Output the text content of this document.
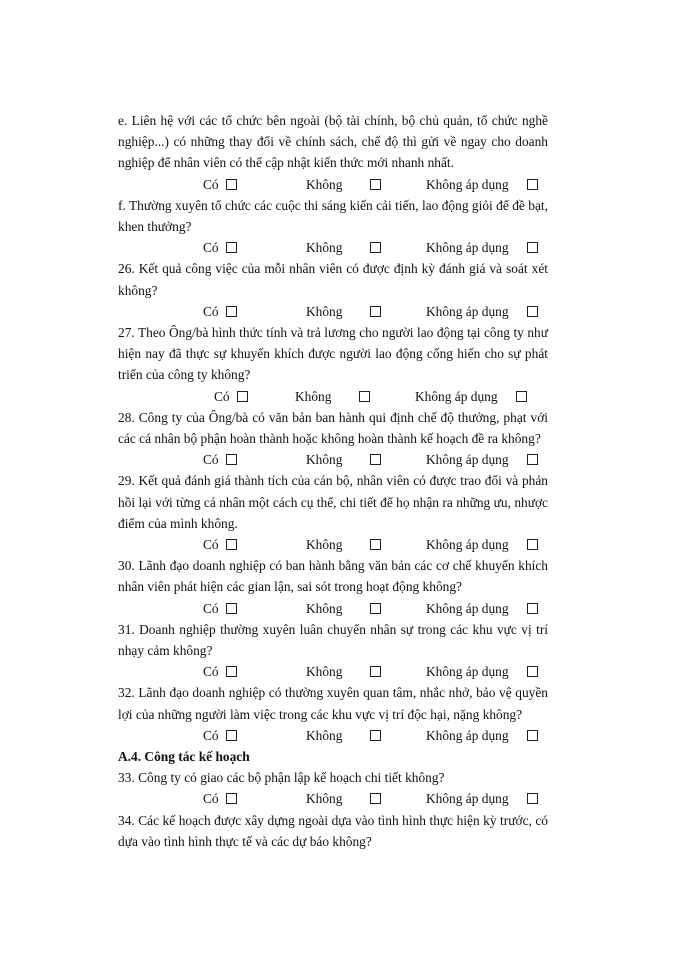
e. Liên hệ với các tổ chức bên ngoài (bộ tài chính, bộ chủ quản, tổ chức nghề nghiệp...) có những thay đổi về chính sách, chế độ thì gửi về ngay cho doanh nghiệp để nhân viên có thể cập nhật kiến thức mới nhanh nhất.

Có	Không	Không áp dụng

f. Thường xuyên tổ chức các cuộc thi sáng kiến cải tiến, lao động giỏi để đề bạt, khen thưởng?

Có	Không	Không áp dụng

26. Kết quả công việc của mỗi nhân viên có được định kỳ đánh giá và soát xét không?

Có	Không	Không áp dụng

27. Theo Ông/bà hình thức tính và trả lương cho người lao động tại công ty như hiện nay đã thực sự khuyến khích được người lao động cống hiến cho sự phát triển của công ty không?

Có	Không	Không áp dụng

28. Công ty của Ông/bà có văn bản ban hành qui định chế độ thưởng, phạt với các cá nhân bộ phận hoàn thành hoặc không hoàn thành kế hoạch đề ra không?

Có	Không	Không áp dụng

29. Kết quả đánh giá thành tích của cán bộ, nhân viên có được trao đổi và phản hồi lại với từng cá nhân một cách cụ thể, chi tiết để họ nhận ra những ưu, nhược điểm của mình không.

Có	Không	Không áp dụng

30. Lãnh đạo doanh nghiệp có ban hành bằng văn bản các cơ chế khuyến khích nhân viên phát hiện các gian lận, sai sót trong hoạt động không?

Có	Không	Không áp dụng

31. Doanh nghiệp thường xuyên luân chuyển nhân sự trong các khu vực vị trí nhạy cảm không?

Có	Không	Không áp dụng

32. Lãnh đạo doanh nghiệp có thường xuyên quan tâm, nhắc nhở, bảo vệ quyền lợi của những người làm việc trong các khu vực vị trí độc hại, nặng không?

Có	Không	Không áp dụng

A.4. Công tác kế hoạch

33. Công ty có giao các bộ phận lập kế hoạch chi tiết không?

Có	Không	Không áp dụng

34. Các kế hoạch được xây dựng ngoài dựa vào tình hình thực hiện kỳ trước, có dựa vào tình hình thực tế và các dự báo không?
